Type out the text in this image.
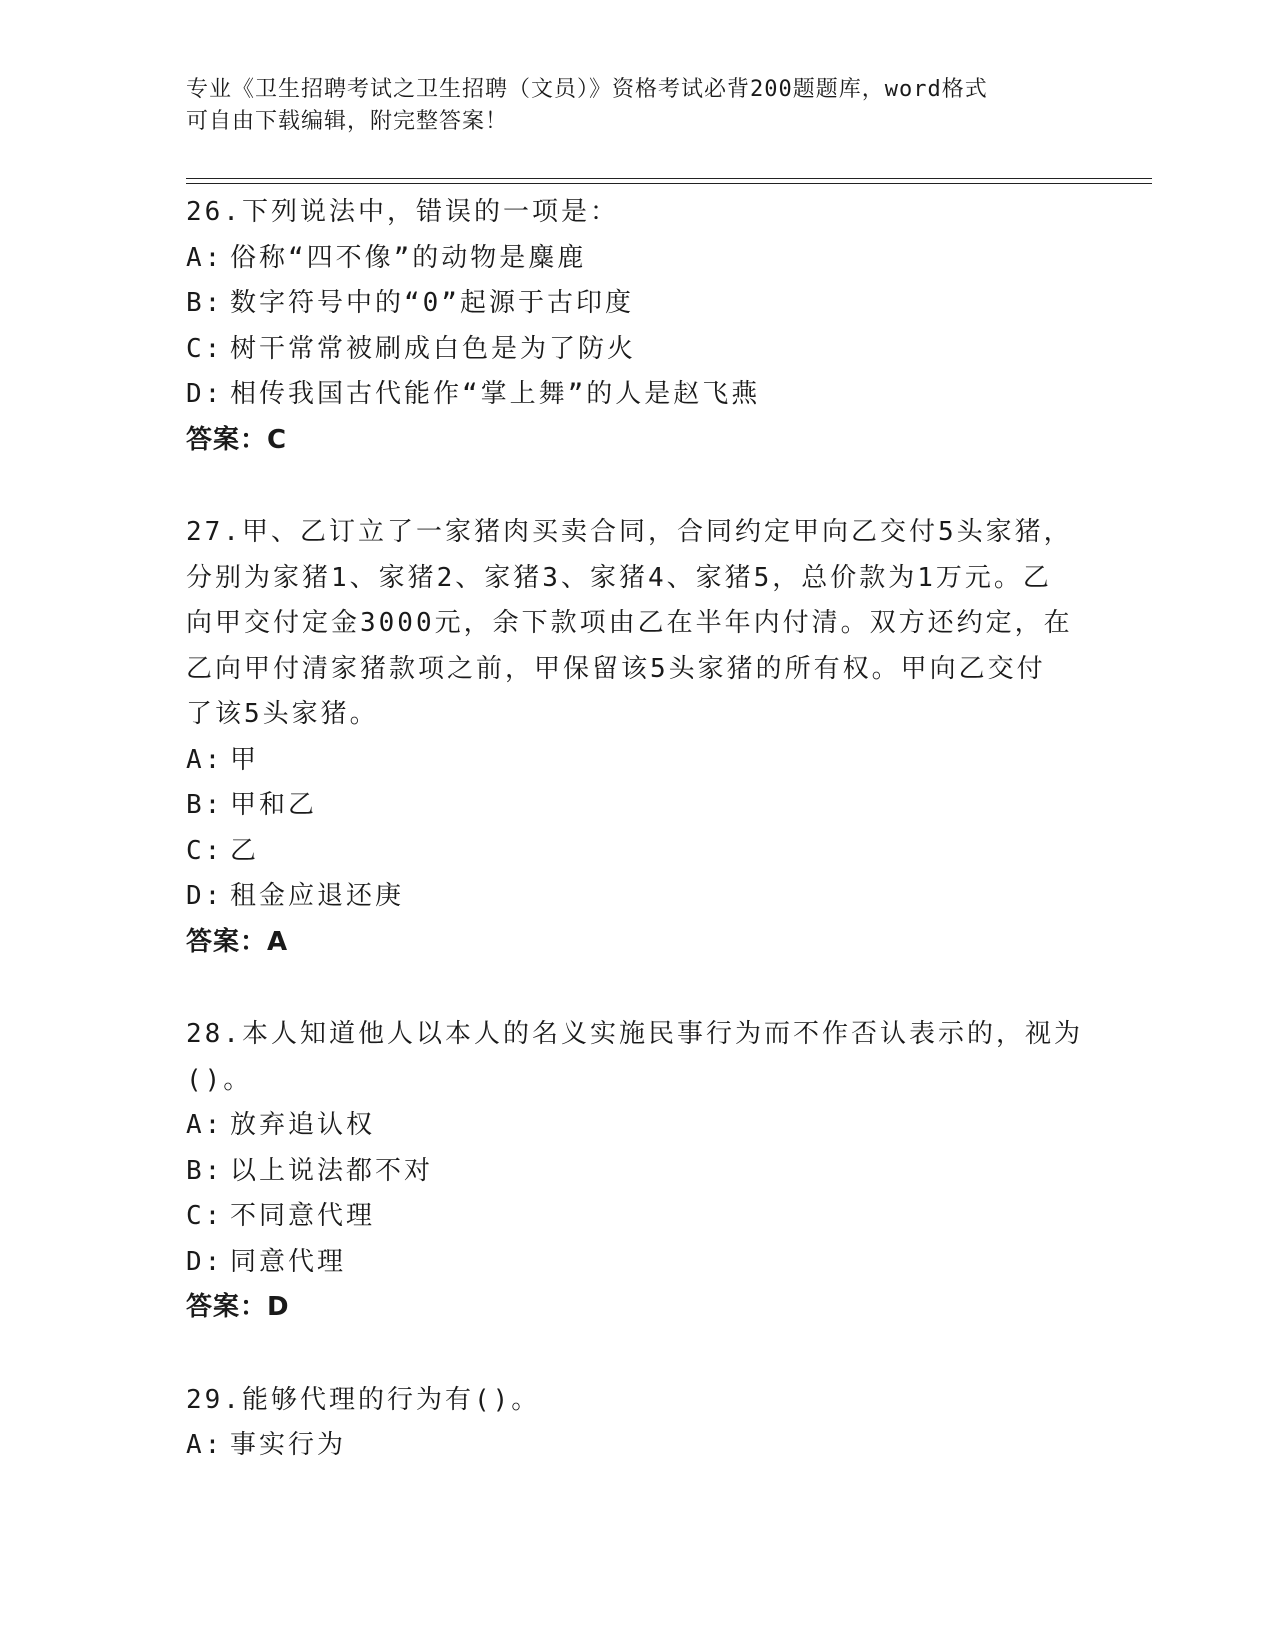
专业《卫生招聘考试之卫生招聘（文员）》资格考试必背200题题库，word格式
可自由下载编辑，附完整答案！

26.下列说法中，错误的一项是：

A: 俗称“四不像”的动物是麋鹿

B: 数字符号中的“0”起源于古印度

C: 树干常常被刷成白色是为了防火

D: 相传我国古代能作“掌上舞”的人是赵飞燕

答案：C

27.甲、乙订立了一家猪肉买卖合同，合同约定甲向乙交付5头家猪，

分别为家猪1、家猪2、家猪3、家猪4、家猪5，总价款为1万元。乙

向甲交付定金3000元，余下款项由乙在半年内付清。双方还约定，在

乙向甲付清家猪款项之前，甲保留该5头家猪的所有权。甲向乙交付

了该5头家猪。

A: 甲

B: 甲和乙

C: 乙

D: 租金应退还庚

答案：A

28.本人知道他人以本人的名义实施民事行为而不作否认表示的，视为

()。

A: 放弃追认权

B: 以上说法都不对

C: 不同意代理

D: 同意代理

答案：D

29.能够代理的行为有()。

A: 事实行为
